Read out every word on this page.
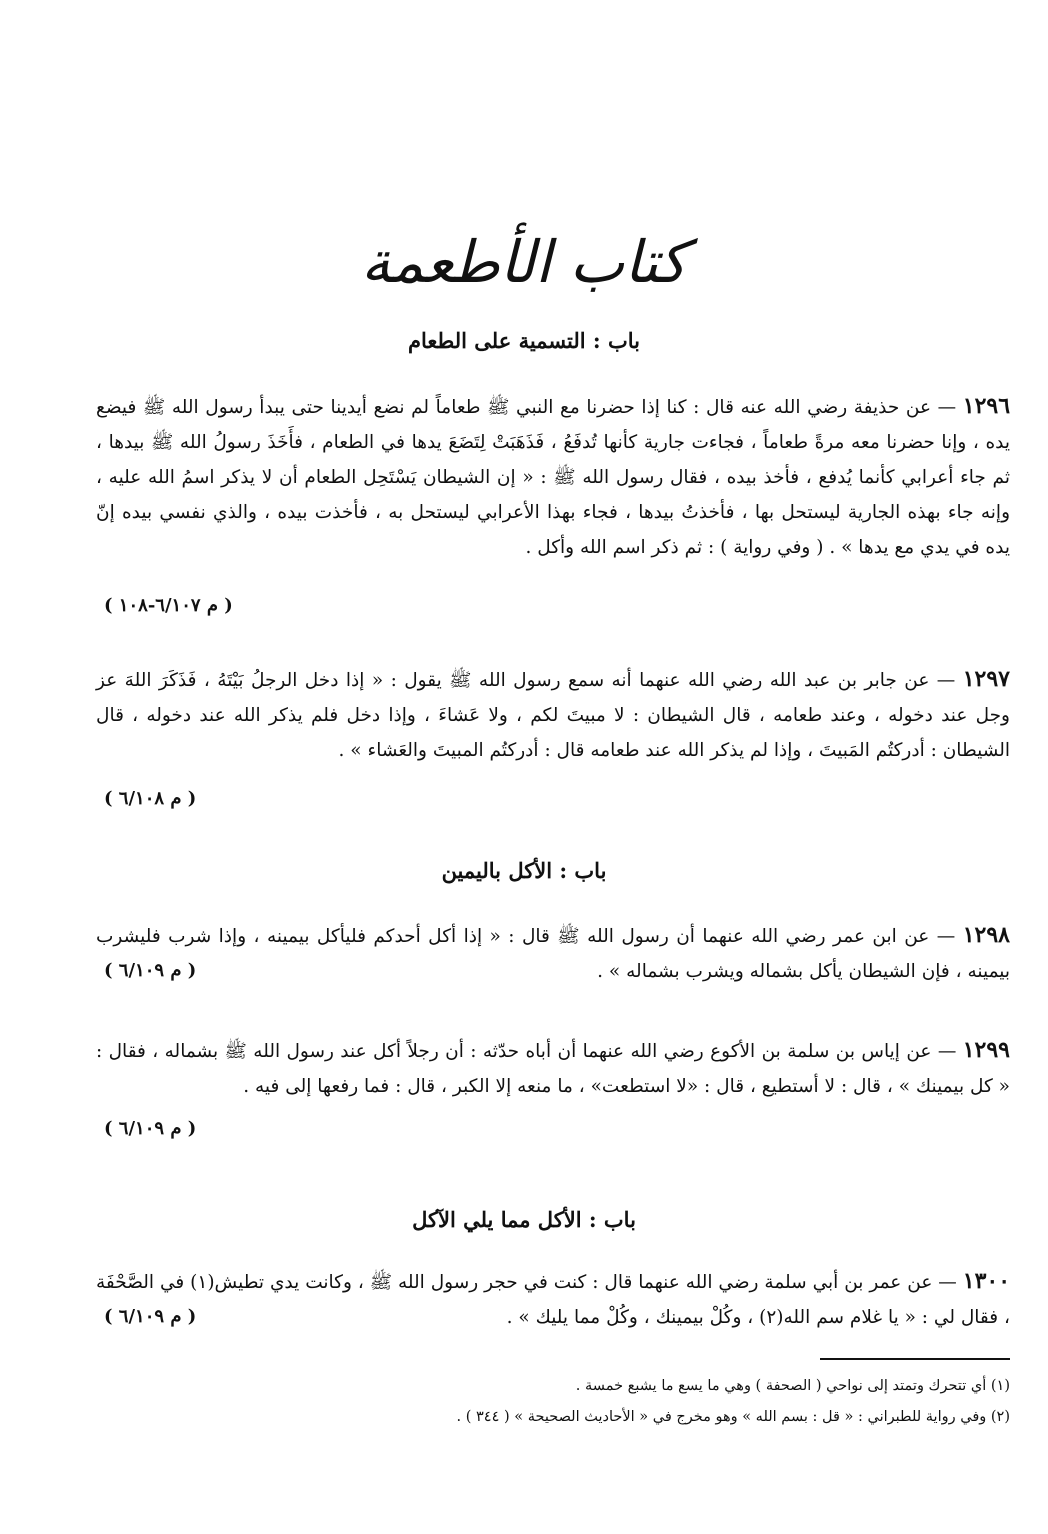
كتاب الأطعمة
باب : التسمية على الطعام
١٢٩٦ — عن حذيفة رضي الله عنه قال : كنا إذا حضرنا مع النبي ﷺ طعاماً لم نضع أيدينا حتى يبدأ رسول الله ﷺ فيضع يده ، وإنا حضرنا معه مرةً طعاماً ، فجاءت جارية كأنها تُدفَعُ ، فَذَهَبَتْ لِتَضَعَ يدها في الطعام ، فأَخَذَ رسولُ الله ﷺ بيدها ، ثم جاء أعرابي كأنما يُدفع ، فأخذ بيده ، فقال رسول الله ﷺ : « إن الشيطان يَسْتَحِل الطعام أن لا يذكر اسمُ الله عليه ، وإنه جاء بهذه الجارية ليستحل بها ، فأخذتُ بيدها ، فجاء بهذا الأعرابي ليستحل به ، فأخذت بيده ، والذي نفسي بيده إنّ يده في يدي مع يدها » . ( وفي رواية ) : ثم ذكر اسم الله وأكل .
( م ٦/١٠٧-١٠٨ )
١٢٩٧ — عن جابر بن عبد الله رضي الله عنهما أنه سمع رسول الله ﷺ يقول : « إذا دخل الرجلُ بَيْتَهُ ، فَذَكَرَ اللهَ عز وجل عند دخوله ، وعند طعامه ، قال الشيطان : لا مبيتَ لكم ، ولا عَشاءَ ، وإذا دخل فلم يذكر الله عند دخوله ، قال الشيطان : أدركتُم المَبيتَ ، وإذا لم يذكر الله عند طعامه قال : أدركتُم المبيتَ والعَشاء » .
( م ٦/١٠٨ )
باب : الأكل باليمين
١٢٩٨ — عن ابن عمر رضي الله عنهما أن رسول الله ﷺ قال : « إذا أكل أحدكم فليأكل بيمينه ، وإذا شرب فليشرب بيمينه ، فإن الشيطان يأكل بشماله ويشرب بشماله » .
( م ٦/١٠٩ )
١٢٩٩ — عن إياس بن سلمة بن الأكوع رضي الله عنهما أن أباه حدّثه : أن رجلاً أكل عند رسول الله ﷺ بشماله ، فقال : « كل بيمينك » ، قال : لا أستطيع ، قال : «لا استطعت» ، ما منعه إلا الكبر ، قال : فما رفعها إلى فيه .
( م ٦/١٠٩ )
باب : الأكل مما يلي الآكل
١٣٠٠ — عن عمر بن أبي سلمة رضي الله عنهما قال : كنت في حجر رسول الله ﷺ ، وكانت يدي تطيش(١) في الصَّحْفَة ، فقال لي : « يا غلام سم الله(٢) ، وكُلْ بيمينك ، وكُلْ مما يليك » .
( م ٦/١٠٩ )
(١) أي تتحرك وتمتد إلى نواحي ( الصحفة ) وهي ما يسع ما يشبع خمسة .
(٢) وفي رواية للطبراني : « قل : بسم الله » وهو مخرج في « الأحاديث الصحيحة » ( ٣٤٤ ) .
